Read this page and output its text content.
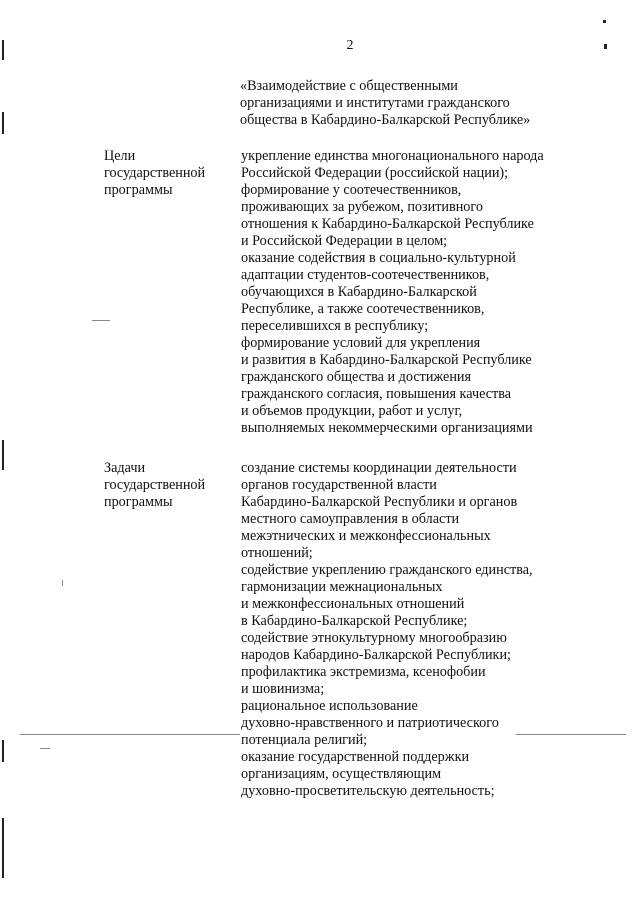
2
«Взаимодействие с общественными
организациями и институтами гражданского
общества в Кабардино-Балкарской Республике»
Цели
государственной
программы
укрепление единства многонационального народа
Российской Федерации (российской нации);
формирование у соотечественников,
проживающих за рубежом, позитивного
отношения к Кабардино-Балкарской Республике
и Российской Федерации в целом;
оказание содействия в социально-культурной
адаптации студентов-соотечественников,
обучающихся в Кабардино-Балкарской
Республике, а также соотечественников,
переселившихся в республику;
формирование условий для укрепления
и развития в Кабардино-Балкарской Республике
гражданского общества и достижения
гражданского согласия, повышения качества
и объемов продукции, работ и услуг,
выполняемых некоммерческими организациями
Задачи
государственной
программы
создание системы координации деятельности
органов государственной власти
Кабардино-Балкарской Республики и органов
местного самоуправления в области
межэтнических и межконфессиональных
отношений;
содействие укреплению гражданского единства,
гармонизации межнациональных
и межконфессиональных отношений
в Кабардино-Балкарской Республике;
содействие этнокультурному многообразию
народов Кабардино-Балкарской Республики;
профилактика экстремизма, ксенофобии
и шовинизма;
рациональное использование
духовно-нравственного и патриотического
потенциала религий;
оказание государственной поддержки
организациям, осуществляющим
духовно-просветительскую деятельность;
